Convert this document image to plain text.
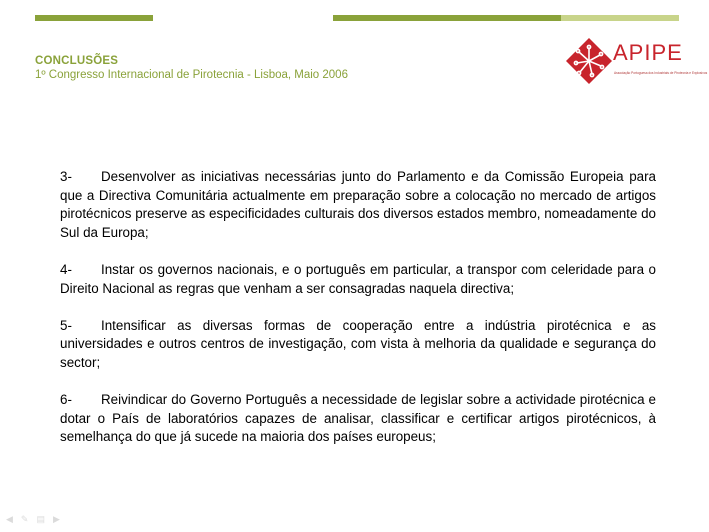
CONCLUSÕES
1º Congresso Internacional de Pirotecnia - Lisboa, Maio 2006
APIPE
Associação Portuguesa dos Industriais de Pirotecnia e Explosivos

3- Desenvolver as iniciativas necessárias junto do Parlamento e da Comissão Europeia para que a Directiva Comunitária actualmente em preparação sobre a colocação no mercado de artigos pirotécnicos preserve as especificidades culturais dos diversos estados membro, nomeadamente do Sul da Europa;

4- Instar os governos nacionais, e o português em particular, a transpor com celeridade para o Direito Nacional as regras que venham a ser consagradas naquela directiva;

5- Intensificar as diversas formas de cooperação entre a indústria pirotécnica e as universidades e outros centros de investigação, com vista à melhoria da qualidade e segurança do sector;

6- Reivindicar do Governo Português a necessidade de legislar sobre a actividade pirotécnica e dotar o País de laboratórios capazes de analisar, classificar e certificar artigos pirotécnicos, à semelhança do que já sucede na maioria dos países europeus;

◀ ✎ ▤ ▶
